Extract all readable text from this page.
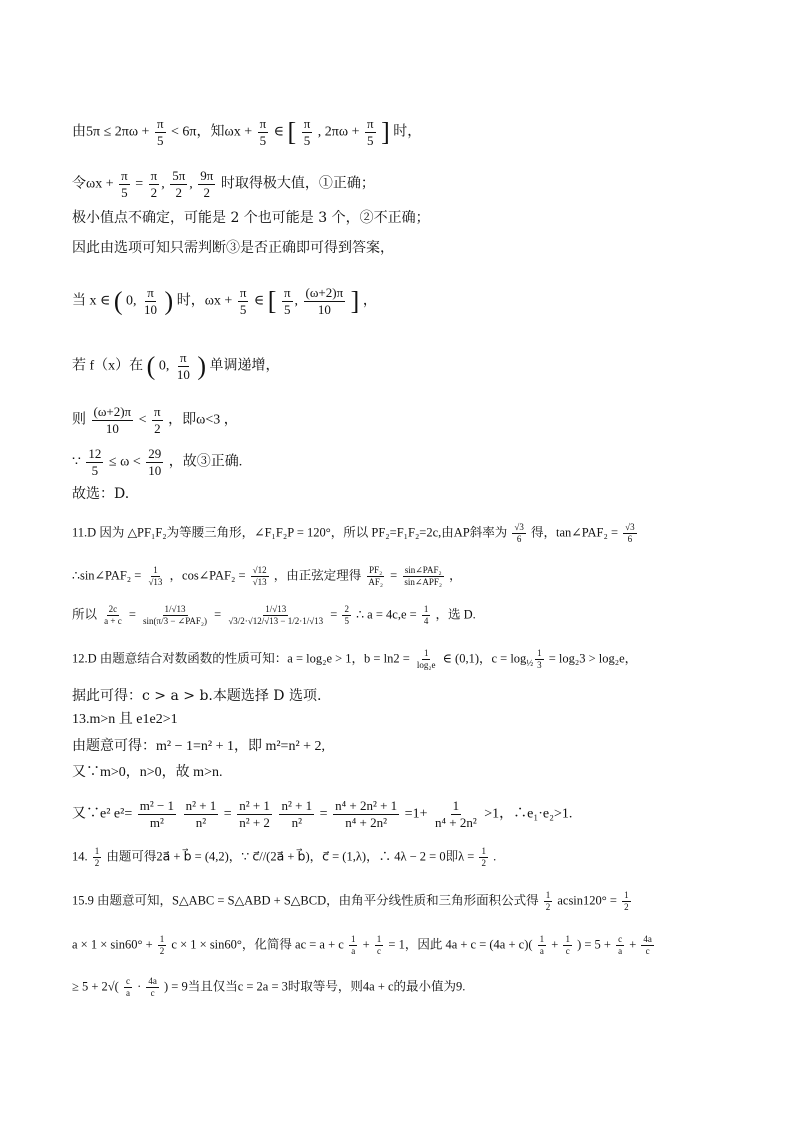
由$5\pi \le 2\pi\omega + \frac{\pi}{5} < 6\pi$，知$\omega x + \frac{\pi}{5}$ ∈ [ $\frac{\pi}{5}$ , $2\pi\omega + \frac{\pi}{5}$ ] 时，
令$\omega x + \frac{\pi}{5} = \frac{\pi}{2}$ , $\frac{5\pi}{2}$ , $\frac{9\pi}{2}$ 时取得极大值，①正确；
极小值点不确定，可能是 2 个也可能是 3 个，②不正确；
因此由选项可知只需判断③是否正确即可得到答案，
当 x ∈ ( 0, $\frac{\pi}{10}$ ) 时，$\omega x + \frac{\pi}{5}$ ∈ [ $\frac{\pi}{5}$ , $\frac{(\omega+2)\pi}{10}$ ] ，
若 f（x）在 ( 0, $\frac{\pi}{10}$ ) 单调递增，
则 $\frac{(\omega+2)\pi}{10} < \frac{\pi}{2}$ ，即ω<3 ，
∵ $\frac{12}{5} \le \omega < \frac{29}{10}$ ，故③正确.
故选：D.
11.D 因为 △PF₁F₂为等腰三角形，∠F₁F₂P = 120°，所以 PF₂=F₁F₂=2c,由AP斜率为 $\frac{√3}{6}$ 得，tan∠PAF₂ = $\frac{√3}{6}$
∴sin∠PAF₂ = $\frac{1}{√13}$ ，cos∠PAF₂ = $\frac{√12}{√13}$ ，由正弦定理得 $\frac{\text{PF₂}}{\text{AF₂}} = \frac{\text{sin∠PAF₂}}{\text{sin∠APF₂}}$ ，
所以 $\frac{2c}{a + c} = \frac{1/√13}{\text{sin(π/3 − ∠PAF₂)}} = \frac{1/√13}{√3/2\cdot√12/√13 - 1/2\cdot 1/√13} = \frac{2}{5}$ ∴ $a = 4c,e = \frac{1}{4}$ ，选 D.
12.D 由题意结合对数函数的性质可知：a = log₂e > 1，$b = \ln 2 = \frac{1}{\text{log₂e}}$ ∈ (0,1)，$c = \log_{\frac{1}{2}} \frac{1}{3} = \log_23 > \log_2e$，
据此可得：c > a > b.本题选择 D 选项.
13.m>n 且 e1e2>1
由题意可得：m² − 1=n² + 1，即 m²=n² + 2,
又∵m>0，n>0，故 m>n.
又∵e² $e^2= \frac{\text{m² − 1}}{\text{m²}}$
$\frac{\text{n² + 1}}{\text{n²}} = \frac{\text{n² + 1}}{\text{n² + 2}}$
$\frac{\text{n² + 1}}{\text{n²}} = \frac{\text{n⁴ + 2n² + 1}}{\text{n⁴ + 2n²}} =1+ \frac{1}{\text{n⁴ + 2n²}} >1$，∴e₁·e₂>1.
14. $\frac{1}{2}$ 由题可得2a⃗ + b⃗ = (4,2)，∵ c⃗//(2a⃗ + b⃗)，c⃗ = (1,λ)，∴ 4λ − 2 = 0即$\lambda = \frac{1}{2}$ .
15.9 由题意可知，S△ABC = S△ABD + S△BCD，由角平分线性质和三角形面积公式得 $\frac{1}{2} acsin120^\circ = \frac{1}{2}$
$a \times 1 \times \sin 60^\circ + \frac{1}{2}$ c × 1 × sin60°，化简得 ac = a + c $\frac{1}{a} + \frac{1}{c} = 1$，因此 $4a + c = (4a + c)( \frac{1}{a} + \frac{1}{c}$ ) = $5 + \frac{c}{a} + \frac{4a}{c}$
≥ $5 + 2√( \frac{c}{a} \cdot \frac{4a}{c}$ ) = 9当且仅当c = 2a = 3时取等号，则4a + c的最小值为9.
